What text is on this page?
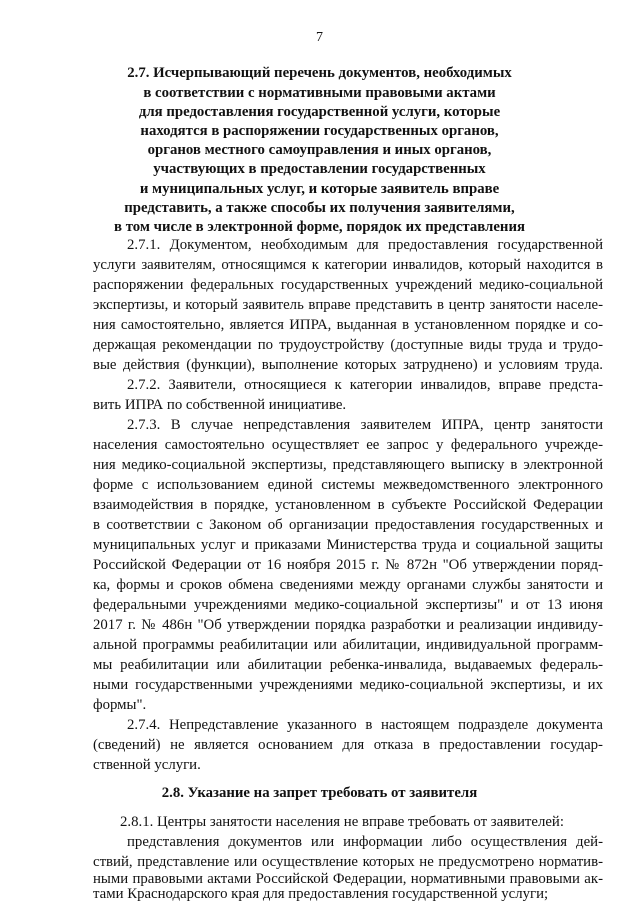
7
2.7. Исчерпывающий перечень документов, необходимых
в соответствии с нормативными правовыми актами
для предоставления государственной услуги, которые
находятся в распоряжении государственных органов,
органов местного самоуправления и иных органов,
участвующих в предоставлении государственных
и муниципальных услуг, и которые заявитель вправе
представить, а также способы их получения заявителями,
в том числе в электронной форме, порядок их представления
2.7.1. Документом, необходимым для предоставления государственной
услуги заявителям, относящимся к категории инвалидов, который находится в
распоряжении федеральных государственных учреждений медико-социальной
экспертизы, и который заявитель вправе представить в центр занятости населе-
ния самостоятельно, является ИПРА, выданная в установленном порядке и со-
держащая рекомендации по трудоустройству (доступные виды труда и трудо-
вые действия (функции), выполнение которых затруднено) и условиям труда.
2.7.2. Заявители, относящиеся к категории инвалидов, вправе предста-
вить ИПРА по собственной инициативе.
2.7.3. В случае непредставления заявителем ИПРА, центр занятости
населения самостоятельно осуществляет ее запрос у федерального учрежде-
ния медико-социальной экспертизы, представляющего выписку в электронной
форме с использованием единой системы межведомственного электронного
взаимодействия в порядке, установленном в субъекте Российской Федерации
в соответствии с Законом об организации предоставления государственных и
муниципальных услуг и приказами Министерства труда и социальной защиты
Российской Федерации от 16 ноября 2015 г. № 872н "Об утверждении поряд-
ка, формы и сроков обмена сведениями между органами службы занятости и
федеральными учреждениями медико-социальной экспертизы" и от 13 июня
2017 г. № 486н "Об утверждении порядка разработки и реализации индивиду-
альной программы реабилитации или абилитации, индивидуальной программ-
мы реабилитации или абилитации ребенка-инвалида, выдаваемых федераль-
ными государственными учреждениями медико-социальной экспертизы, и их
формы".
2.7.4. Непредставление указанного в настоящем подразделе документа
(сведений) не является основанием для отказа в предоставлении государ-
ственной услуги.
2.8. Указание на запрет требовать от заявителя
2.8.1. Центры занятости населения не вправе требовать от заявителей:
представления документов или информации либо осуществления дей-
ствий, представление или осуществление которых не предусмотрено норматив-
ными правовыми актами Российской Федерации, нормативными правовыми ак-
тами Краснодарского края для предоставления государственной услуги;
